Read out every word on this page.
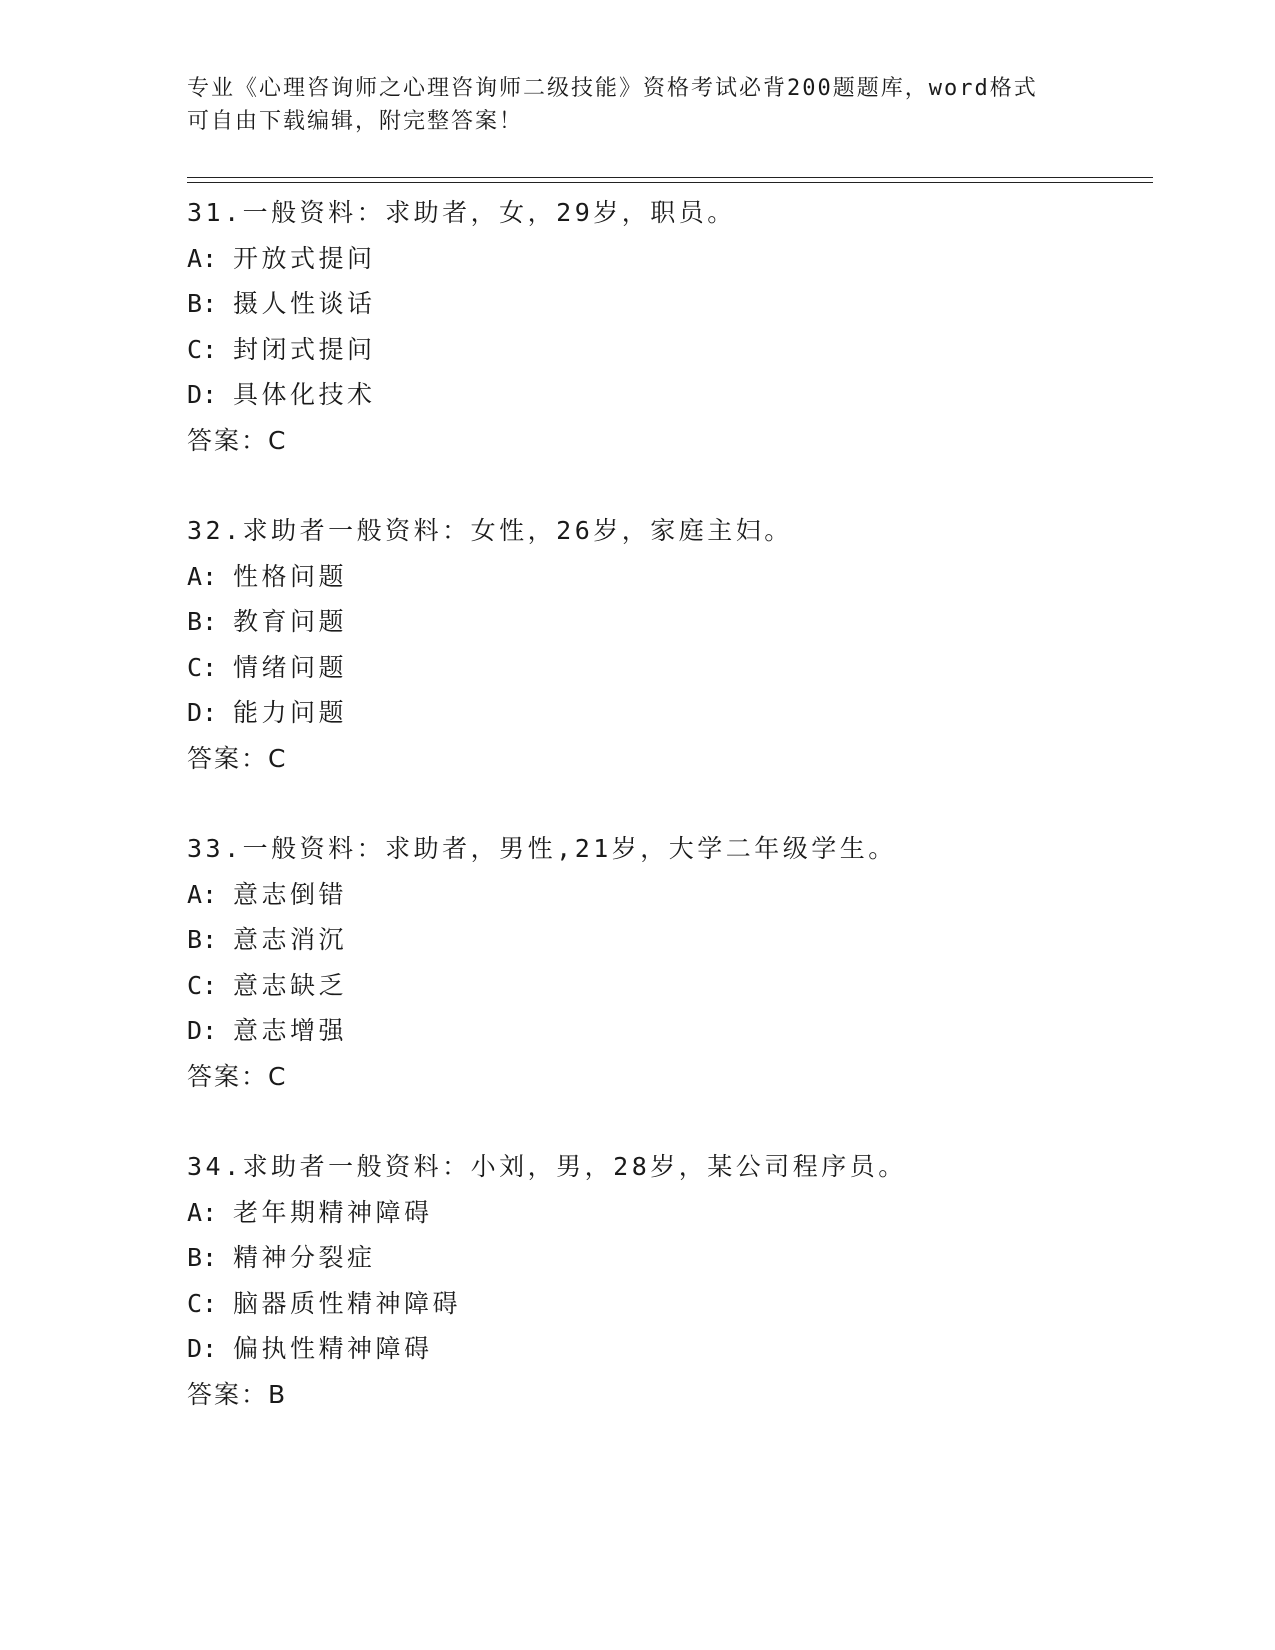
专业《心理咨询师之心理咨询师二级技能》资格考试必背200题题库，word格式
可自由下载编辑，附完整答案！
31.一般资料：求助者，女，29岁，职员。
A: 开放式提问
B: 摄人性谈话
C: 封闭式提问
D: 具体化技术
答案：C
32.求助者一般资料：女性，26岁，家庭主妇。
A: 性格问题
B: 教育问题
C: 情绪问题
D: 能力问题
答案：C
33.一般资料：求助者，男性,21岁，大学二年级学生。
A: 意志倒错
B: 意志消沉
C: 意志缺乏
D: 意志增强
答案：C
34.求助者一般资料：小刘，男，28岁，某公司程序员。
A: 老年期精神障碍
B: 精神分裂症
C: 脑器质性精神障碍
D: 偏执性精神障碍
答案：B
